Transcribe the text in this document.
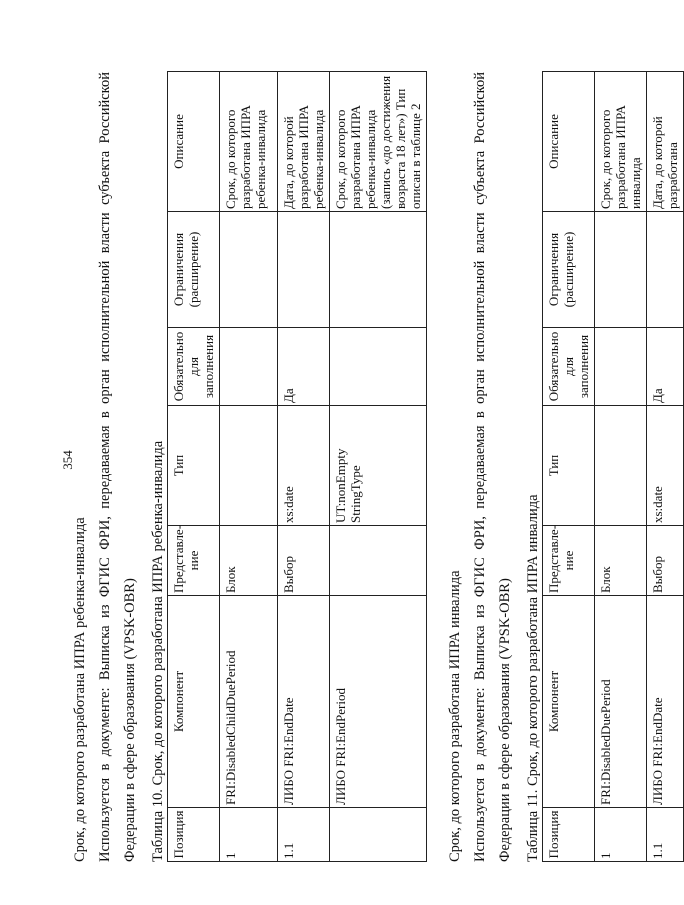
354

Срок, до которого разработана ИПРА ребенка-инвалида Используется в документе: Выписка из ФГИС ФРИ, передаваемая в орган исполнительной власти субъекта Российской Федерации в сфере образования (VPSK-OBR) Таблица 10. Срок, до которого разработана ИПРА ребенка-инвалида Позиция	Компонент	Представле-ние	Тип	Обязательно для заполнения	Ограничения (расширение)	Описание
1	FRI:DisabledChildDuePeriod	Блок				Срок, до которого разработана ИПРА ребенка-инвалида
1.1	ЛИБО FRI:EndDate	Выбор	xs:date	Да		Дата, до которой разработана ИПРА ребенка-инвалида
	ЛИБО FRI:EndPeriod		UT:nonEmpty StringType			Срок, до которого разработана ИПРА ребенка-инвалида (запись «до достижения возраста 18 лет») Тип описан в таблице 2

Срок, до которого разработана ИПРА инвалида Используется в документе: Выписка из ФГИС ФРИ, передаваемая в орган исполнительной власти субъекта Российской Федерации в сфере образования (VPSK-OBR) Таблица 11. Срок, до которого разработана ИПРА инвалида Позиция	Компонент	Представле-ние	Тип	Обязательно для заполнения	Ограничения (расширение)	Описание
1	FRI:DisabledDuePeriod	Блок				Срок, до которого разработана ИПРА инвалида
1.1	ЛИБО FRI:EndDate	Выбор	xs:date	Да		Дата, до которой разработана
